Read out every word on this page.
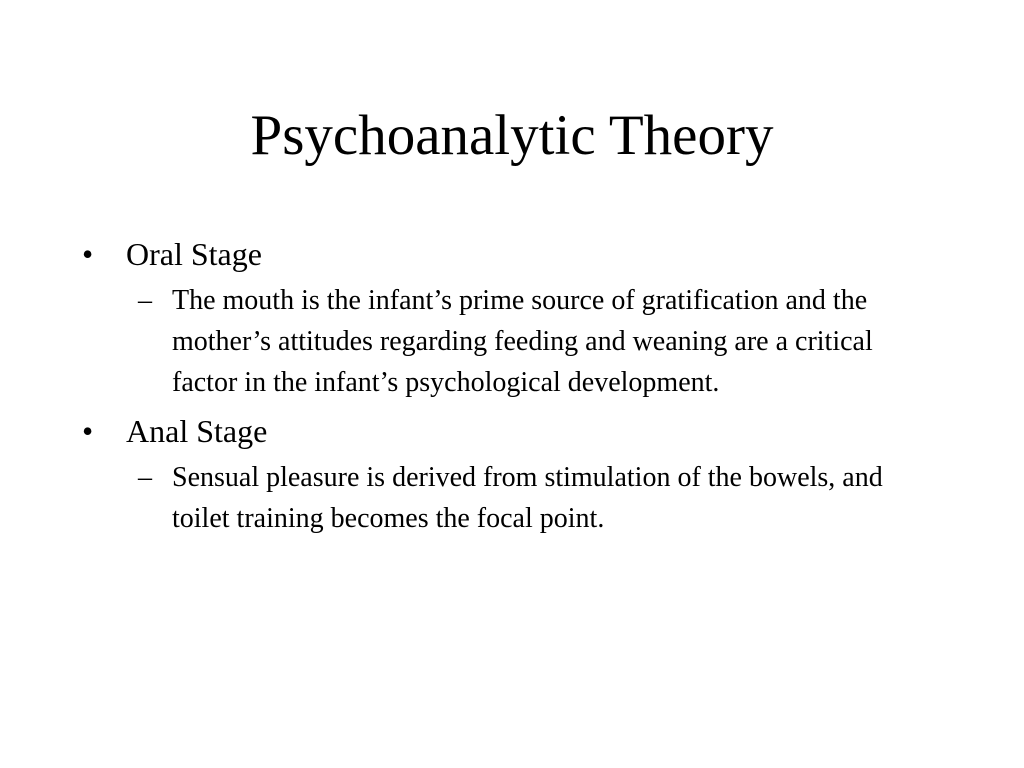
Psychoanalytic Theory
•	Oral Stage
– The mouth is the infant’s prime source of gratification and the mother’s attitudes regarding feeding and weaning are a critical factor in the infant’s psychological development.
•	Anal Stage
– Sensual pleasure is derived from stimulation of the bowels, and toilet training becomes the focal point.
